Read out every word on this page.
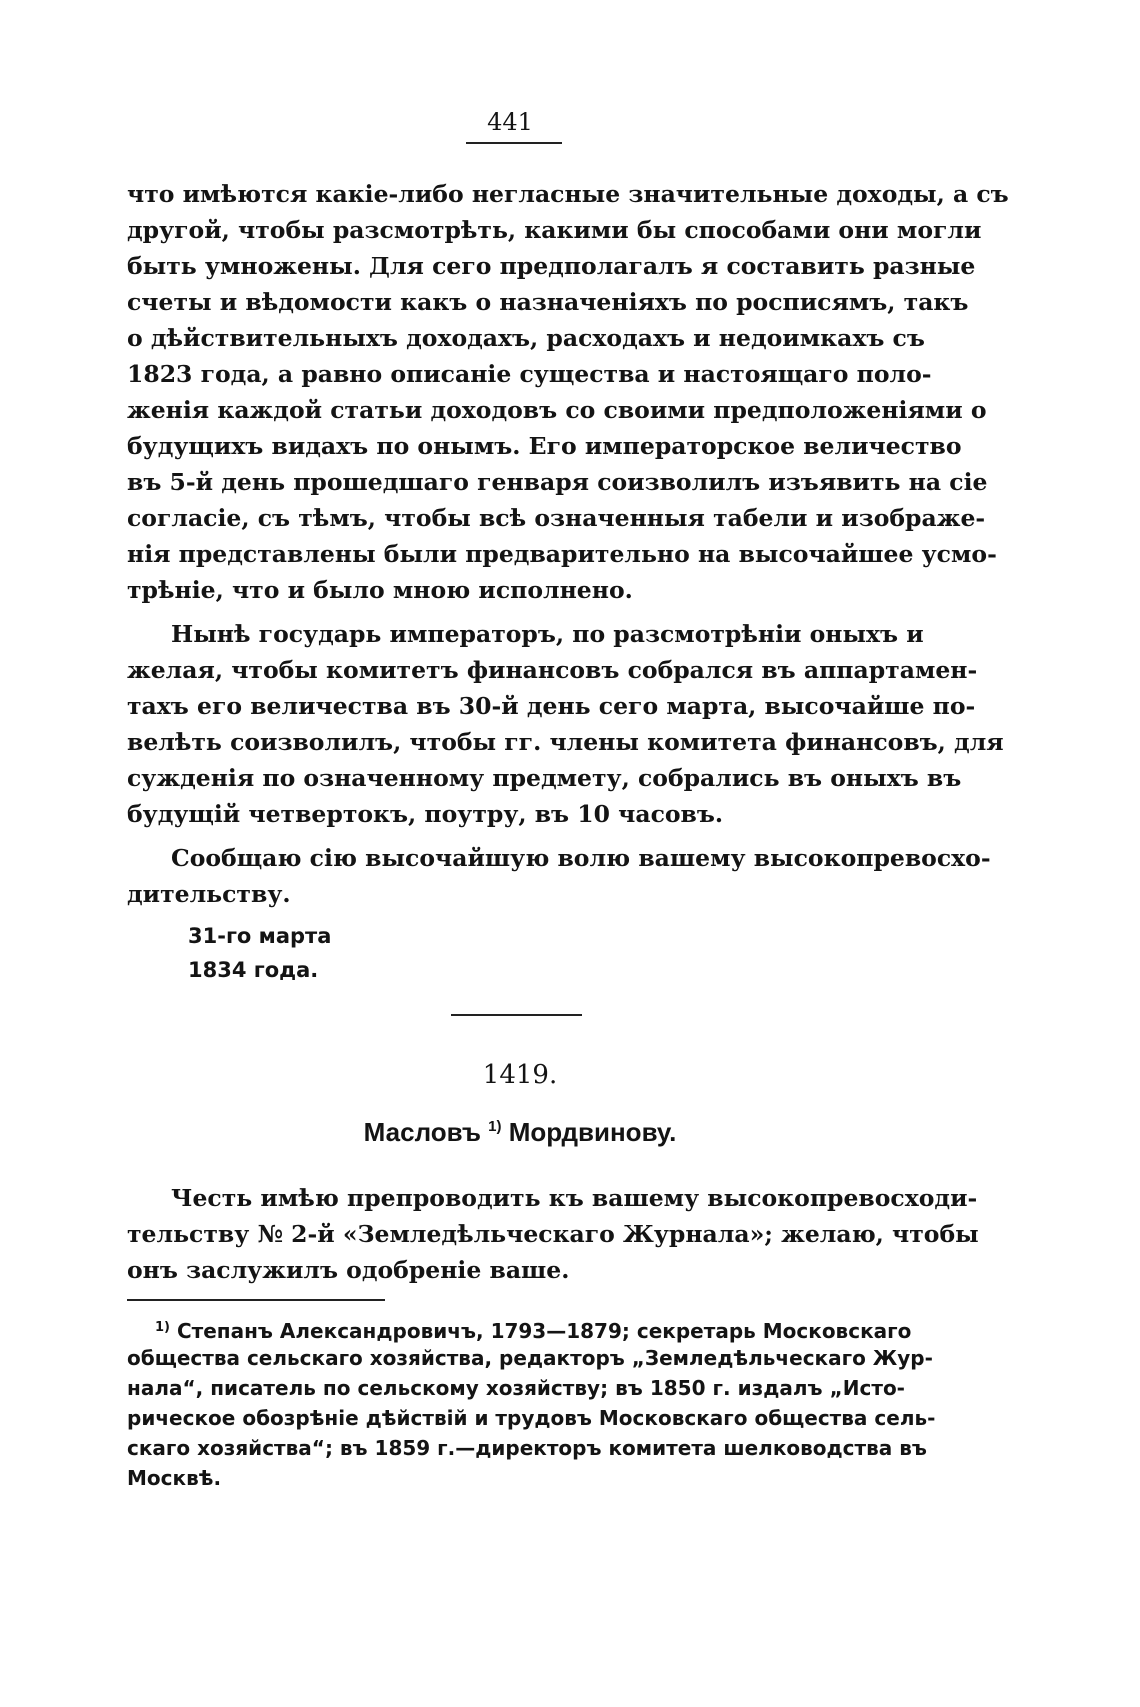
441
что имѣются какіе-либо негласные значительные доходы, а съ
другой, чтобы разсмотрѣть, какими бы способами они могли
быть умножены. Для сего предполагалъ я составить разные
счеты и вѣдомости какъ о назначеніяхъ по росписямъ, такъ
о дѣйствительныхъ доходахъ, расходахъ и недоимкахъ съ
1823 года, а равно описаніе существа и настоящаго поло-
женія каждой статьи доходовъ со своими предположеніями о
будущихъ видахъ по онымъ. Его императорское величество
въ 5-й день прошедшаго генваря соизволилъ изъявить на сіе
согласіе, съ тѣмъ, чтобы всѣ означенныя табели и изображе-
нія представлены были предварительно на высочайшее усмо-
трѣніе, что и было мною исполнено.
Нынѣ государь императоръ, по разсмотрѣніи оныхъ и
желая, чтобы комитетъ финансовъ собрался въ аппартамен-
тахъ его величества въ 30-й день сего марта, высочайше по-
велѣть соизволилъ, чтобы гг. члены комитета финансовъ, для
сужденія по означенному предмету, собрались въ оныхъ въ
будущій четвертокъ, поутру, въ 10 часовъ.
Сообщаю сію высочайшую волю вашему высокопревосхо-
дительству.
31-го марта
1834 года.
1419.
Масловъ $^{1)}$ Мордвинову.
Честь имѣю препроводить къ вашему высокопревосходи-
тельству № 2-й «Земледѣльческаго Журнала»; желаю, чтобы
онъ заслужилъ одобреніе ваше.
$^{1)}$ Степанъ Александровичъ, 1793—1879; секретарь Московскаго
общества сельскаго хозяйства, редакторъ „Земледѣльческаго Жур-
нала“, писатель по сельскому хозяйству; въ 1850 г. издалъ „Исто-
рическое обозрѣніе дѣйствій и трудовъ Московскаго общества сель-
скаго хозяйства“; въ 1859 г.—директоръ комитета шелководства въ
Москвѣ.
